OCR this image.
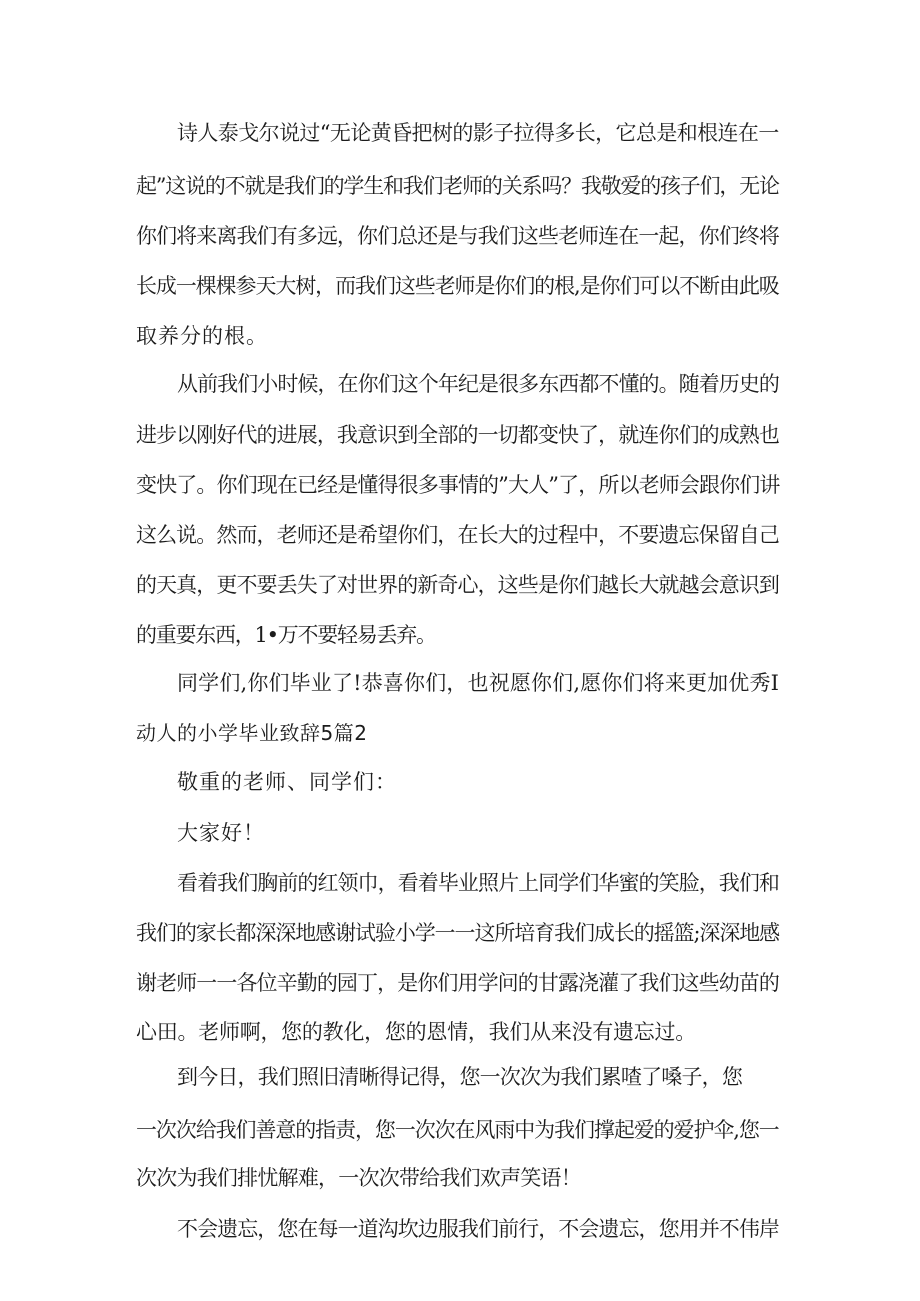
诗人泰戈尔说过“无论黄昏把树的影子拉得多长，它总是和根连在一
起”这说的不就是我们的学生和我们老师的关系吗？我敬爱的孩子们，无论
你们将来离我们有多远，你们总还是与我们这些老师连在一起，你们终将
长成一棵棵参天大树，而我们这些老师是你们的根,是你们可以不断由此吸
取养分的根。
从前我们小时候，在你们这个年纪是很多东西都不懂的。随着历史的
进步以刚好代的进展，我意识到全部的一切都变快了，就连你们的成熟也
变快了。你们现在已经是懂得很多事情的”大人”了，所以老师会跟你们讲
这么说。然而，老师还是希望你们，在长大的过程中，不要遗忘保留自己
的天真，更不要丢失了对世界的新奇心，这些是你们越长大就越会意识到
的重要东西，1•万不要轻易丢弃。
同学们,你们毕业了!恭喜你们，也祝愿你们,愿你们将来更加优秀I
动人的小学毕业致辞5篇2
敬重的老师、同学们：
大家好！
看着我们胸前的红领巾，看着毕业照片上同学们华蜜的笑脸，我们和
我们的家长都深深地感谢试验小学一一这所培育我们成长的摇篮;深深地感
谢老师一一各位辛勤的园丁，是你们用学问的甘露浇灌了我们这些幼苗的
心田。老师啊，您的教化，您的恩情，我们从来没有遗忘过。
到今日，我们照旧清晰得记得，您一次次为我们累喳了嗓子，您
一次次给我们善意的指责，您一次次在风雨中为我们撑起爱的爱护伞,您一
次次为我们排忧解难，一次次带给我们欢声笑语！
不会遗忘，您在每一道沟坎边服我们前行，不会遗忘，您用并不伟岸
